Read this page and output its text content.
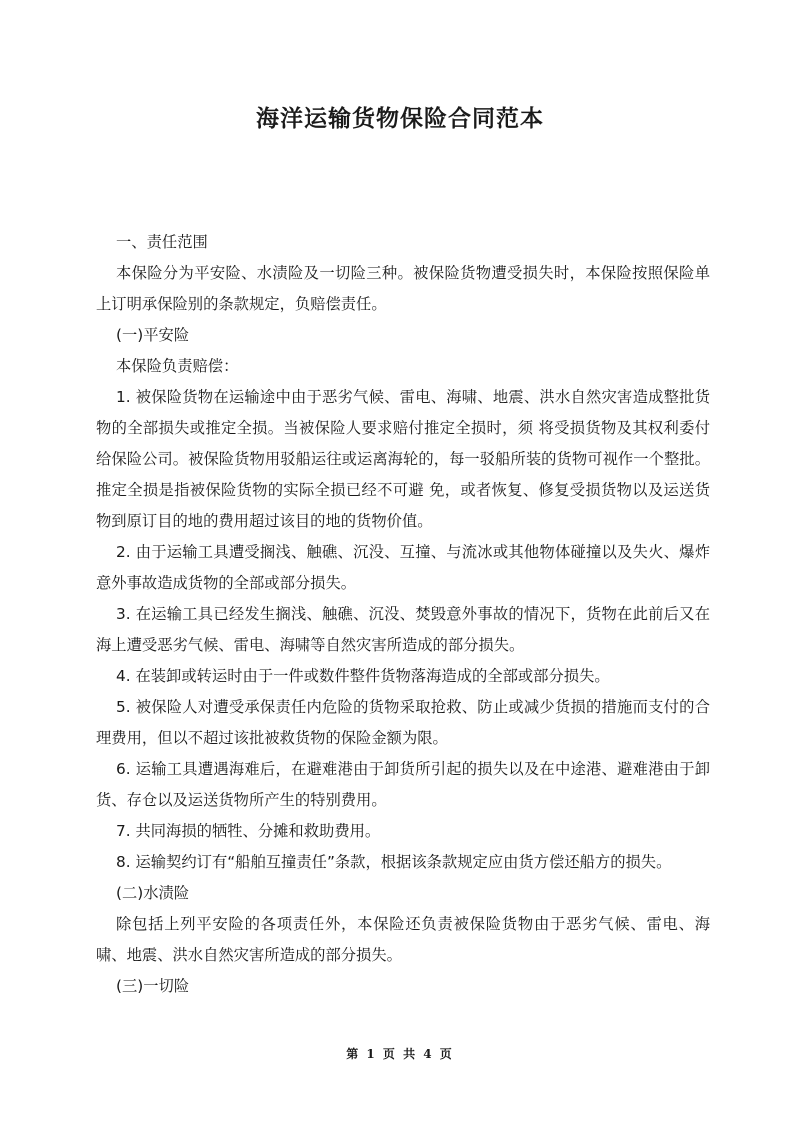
海洋运输货物保险合同范本

一、责任范围

本保险分为平安险、水渍险及一切险三种。被保险货物遭受损失时，本保险按照保险单上订明承保险别的条款规定，负赔偿责任。

(一)平安险

本保险负责赔偿：

1. 被保险货物在运输途中由于恶劣气候、雷电、海啸、地震、洪水自然灾害造成整批货物的全部损失或推定全损。当被保险人要求赔付推定全损时，须 将受损货物及其权利委付给保险公司。被保险货物用驳船运往或运离海轮的，每一驳船所装的货物可视作一个整批。推定全损是指被保险货物的实际全损已经不可避 免，或者恢复、修复受损货物以及运送货物到原订目的地的费用超过该目的地的货物价值。

2. 由于运输工具遭受搁浅、触礁、沉没、互撞、与流冰或其他物体碰撞以及失火、爆炸意外事故造成货物的全部或部分损失。

3. 在运输工具已经发生搁浅、触礁、沉没、焚毁意外事故的情况下，货物在此前后又在海上遭受恶劣气候、雷电、海啸等自然灾害所造成的部分损失。

4. 在装卸或转运时由于一件或数件整件货物落海造成的全部或部分损失。

5. 被保险人对遭受承保责任内危险的货物采取抢救、防止或减少货损的措施而支付的合理费用，但以不超过该批被救货物的保险金额为限。

6. 运输工具遭遇海难后，在避难港由于卸货所引起的损失以及在中途港、避难港由于卸货、存仓以及运送货物所产生的特别费用。

7. 共同海损的牺牲、分摊和救助费用。

8. 运输契约订有“船舶互撞责任”条款，根据该条款规定应由货方偿还船方的损失。

(二)水渍险

除包括上列平安险的各项责任外，本保险还负责被保险货物由于恶劣气候、雷电、海啸、地震、洪水自然灾害所造成的部分损失。

(三)一切险

第 1 页 共 4 页
